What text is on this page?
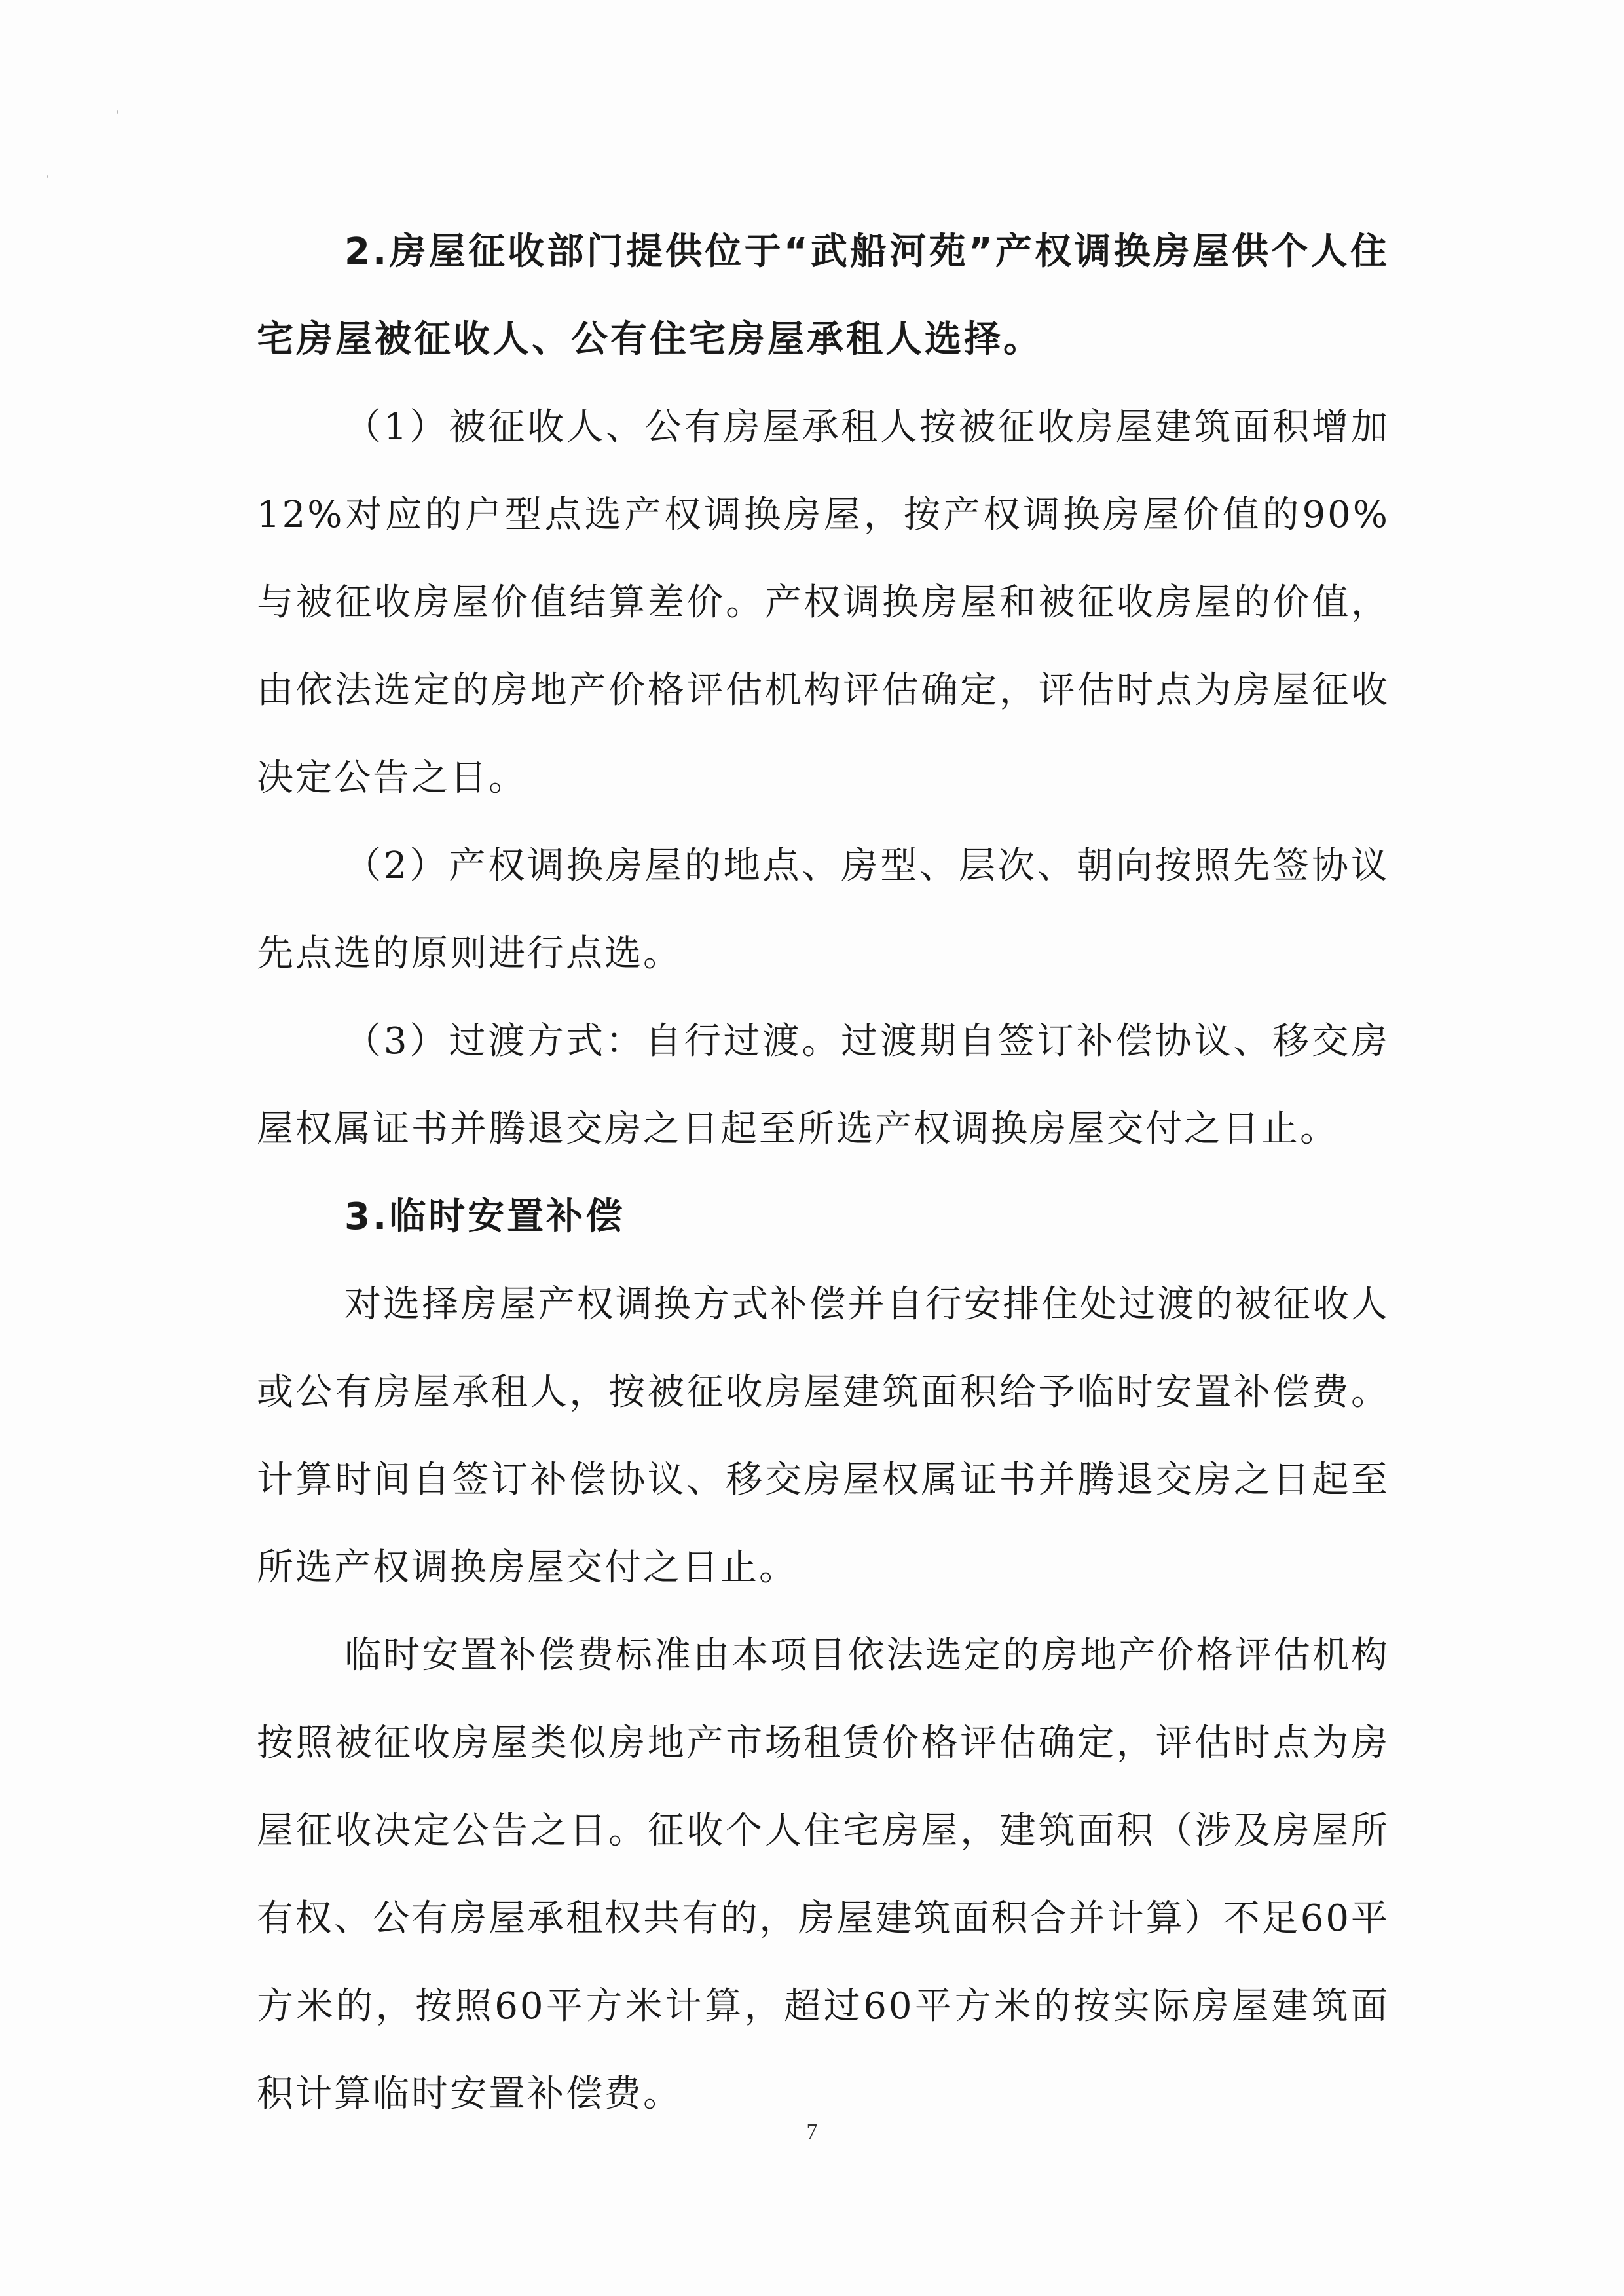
2.房屋征收部门提供位于“武船河苑”产权调换房屋供个人住宅房屋被征收人、公有住宅房屋承租人选择。

（1）被征收人、公有房屋承租人按被征收房屋建筑面积增加12%对应的户型点选产权调换房屋，按产权调换房屋价值的90%与被征收房屋价值结算差价。产权调换房屋和被征收房屋的价值，由依法选定的房地产价格评估机构评估确定，评估时点为房屋征收决定公告之日。

（2）产权调换房屋的地点、房型、层次、朝向按照先签协议先点选的原则进行点选。

（3）过渡方式：自行过渡。过渡期自签订补偿协议、移交房屋权属证书并腾退交房之日起至所选产权调换房屋交付之日止。

3.临时安置补偿

对选择房屋产权调换方式补偿并自行安排住处过渡的被征收人或公有房屋承租人，按被征收房屋建筑面积给予临时安置补偿费。计算时间自签订补偿协议、移交房屋权属证书并腾退交房之日起至所选产权调换房屋交付之日止。

临时安置补偿费标准由本项目依法选定的房地产价格评估机构按照被征收房屋类似房地产市场租赁价格评估确定，评估时点为房屋征收决定公告之日。征收个人住宅房屋，建筑面积（涉及房屋所有权、公有房屋承租权共有的，房屋建筑面积合并计算）不足60平方米的，按照60平方米计算，超过60平方米的按实际房屋建筑面积计算临时安置补偿费。

7
